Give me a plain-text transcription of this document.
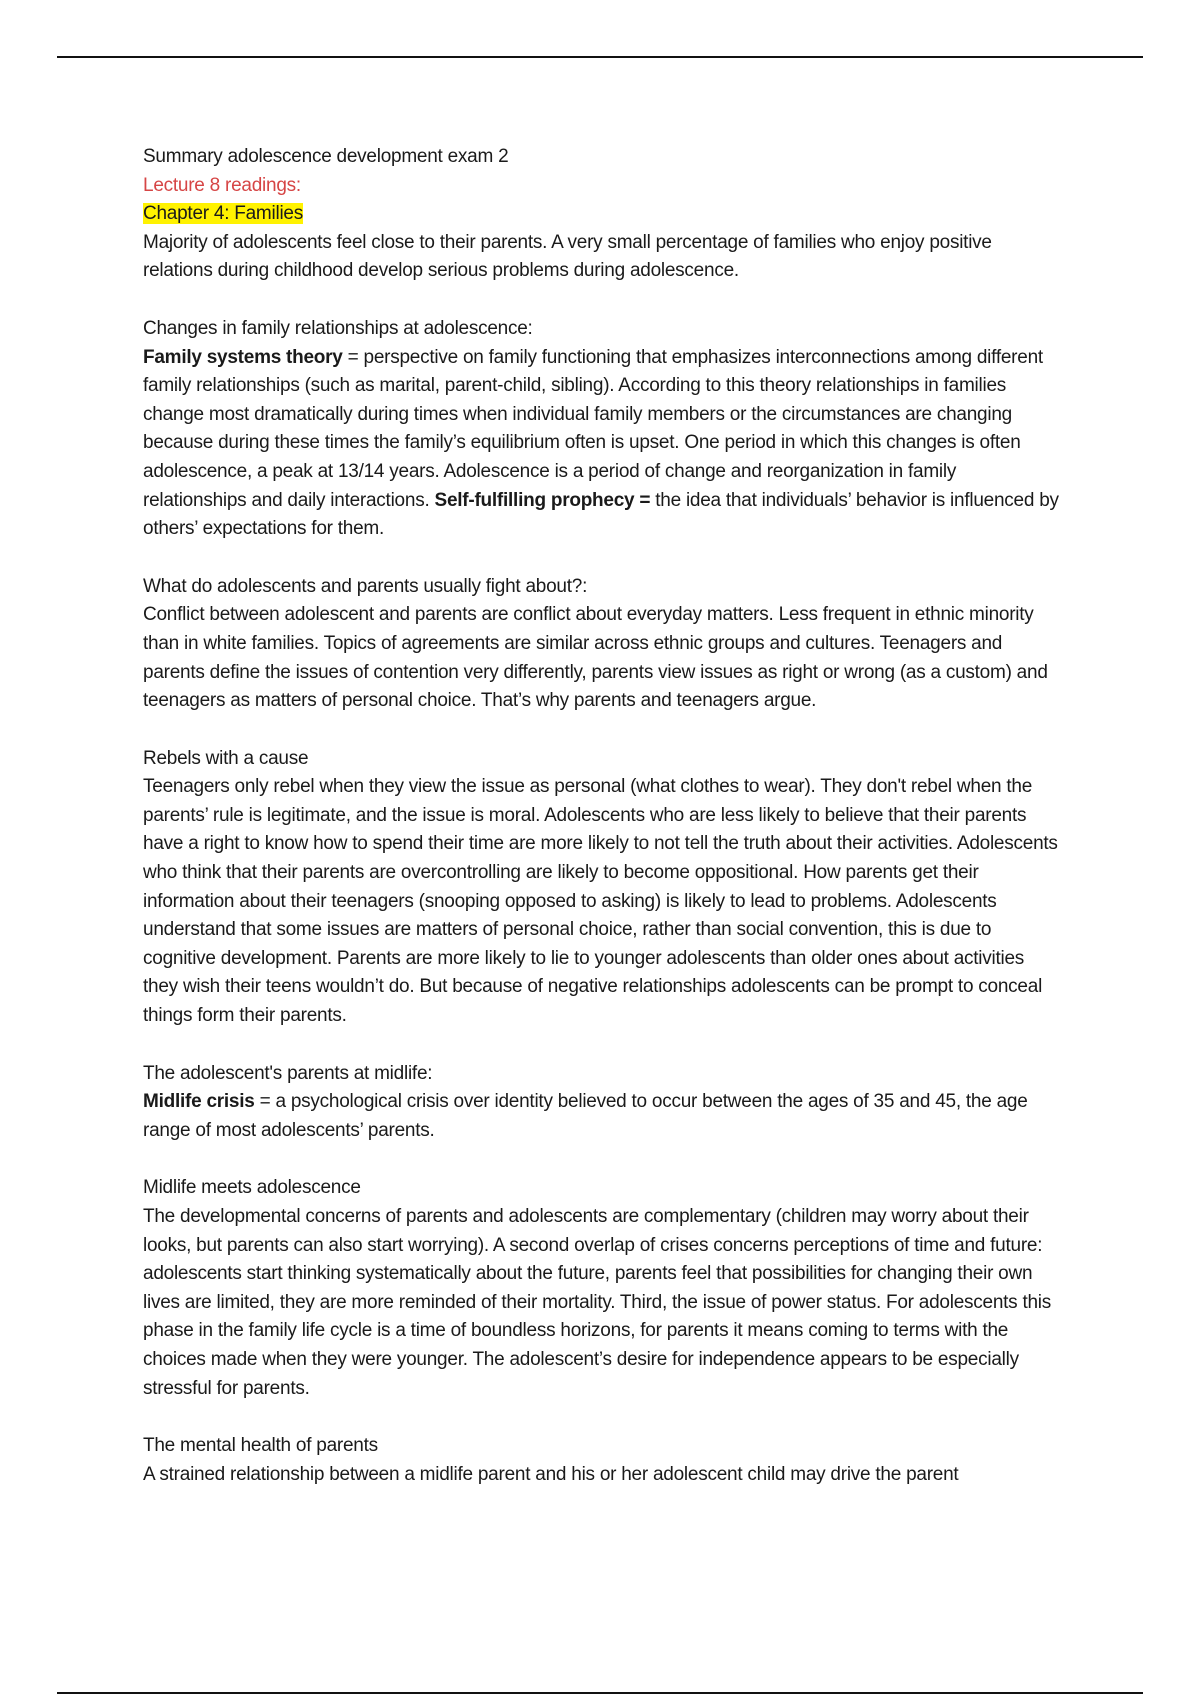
Summary adolescence development exam 2

Lecture 8 readings:

Chapter 4: Families

Majority of adolescents feel close to their parents. A very small percentage of families who enjoy positive relations during childhood develop serious problems during adolescence.

Changes in family relationships at adolescence:

Family systems theory = perspective on family functioning that emphasizes interconnections among different family relationships (such as marital, parent-child, sibling). According to this theory relationships in families change most dramatically during times when individual family members or the circumstances are changing because during these times the family’s equilibrium often is upset. One period in which this changes is often adolescence, a peak at 13/14 years. Adolescence is a period of change and reorganization in family relationships and daily interactions. Self-fulfilling prophecy = the idea that individuals’ behavior is influenced by others’ expectations for them.

What do adolescents and parents usually fight about?:

Conflict between adolescent and parents are conflict about everyday matters. Less frequent in ethnic minority than in white families. Topics of agreements are similar across ethnic groups and cultures. Teenagers and parents define the issues of contention very differently, parents view issues as right or wrong (as a custom) and teenagers as matters of personal choice. That’s why parents and teenagers argue.

Rebels with a cause

Teenagers only rebel when they view the issue as personal (what clothes to wear). They don't rebel when the parents’ rule is legitimate, and the issue is moral. Adolescents who are less likely to believe that their parents have a right to know how to spend their time are more likely to not tell the truth about their activities. Adolescents who think that their parents are overcontrolling are likely to become oppositional. How parents get their information about their teenagers (snooping opposed to asking) is likely to lead to problems. Adolescents understand that some issues are matters of personal choice, rather than social convention, this is due to cognitive development. Parents are more likely to lie to younger adolescents than older ones about activities they wish their teens wouldn’t do. But because of negative relationships adolescents can be prompt to conceal things form their parents.

The adolescent's parents at midlife:

Midlife crisis = a psychological crisis over identity believed to occur between the ages of 35 and 45, the age range of most adolescents’ parents.

Midlife meets adolescence

The developmental concerns of parents and adolescents are complementary (children may worry about their looks, but parents can also start worrying). A second overlap of crises concerns perceptions of time and future: adolescents start thinking systematically about the future, parents feel that possibilities for changing their own lives are limited, they are more reminded of their mortality. Third, the issue of power status. For adolescents this phase in the family life cycle is a time of boundless horizons, for parents it means coming to terms with the choices made when they were younger. The adolescent’s desire for independence appears to be especially stressful for parents.

The mental health of parents

A strained relationship between a midlife parent and his or her adolescent child may drive the parent
